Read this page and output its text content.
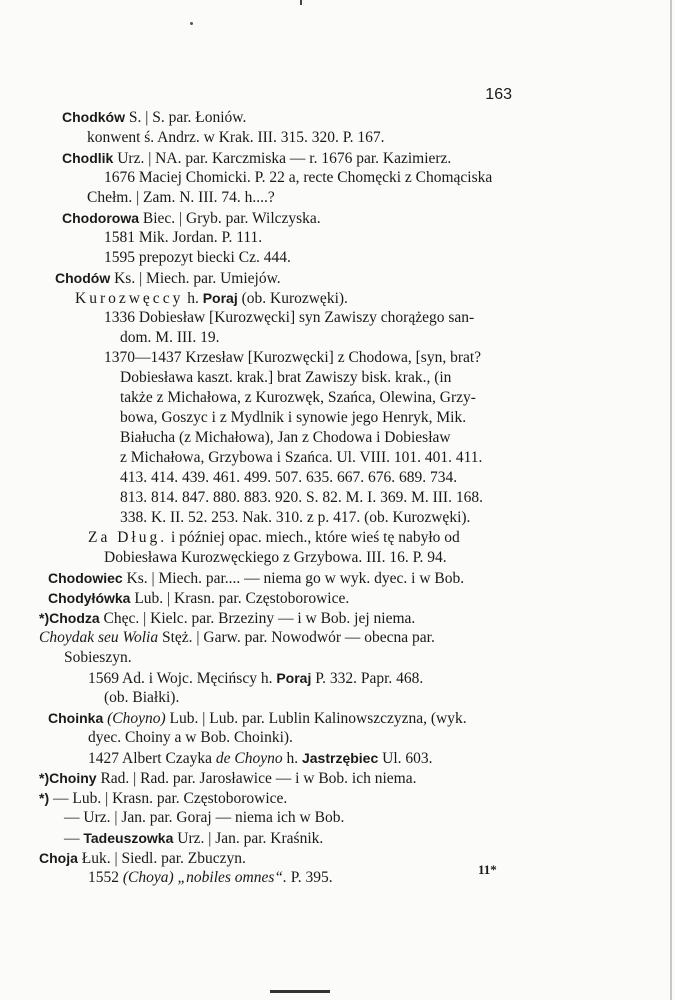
163
Chodków S. | S. par. Łoniów.
konwent ś. Andrz. w Krak. III. 315. 320. P. 167.
Chodlik Urz. | NA. par. Karczmiska — r. 1676 par. Kazimierz.
1676 Maciej Chomicki. P. 22 a, recte Chomęcki z Chomąciska
Chełm. | Zam. N. III. 74. h....?
Chodorowa Biec. | Gryb. par. Wilczyska.
1581 Mik. Jordan. P. 111.
1595 prepozyt biecki Cz. 444.
Chodów Ks. | Miech. par. Umiejów.
Kurozwęccy h. Poraj (ob. Kurozwęki).
1336 Dobiesław [Kurozwęcki] syn Zawiszy chorążego san-
dom. M. III. 19.
1370—1437 Krzesław [Kurozwęcki] z Chodowa, [syn, brat?
Dobiesława kaszt. krak.] brat Zawiszy bisk. krak., (in
także z Michałowa, z Kurozwęk, Szańca, Olewina, Grzy-
bowa, Goszyc i z Mydlnik i synowie jego Henryk, Mik.
Białucha (z Michałowa), Jan z Chodowa i Dobiesław
z Michałowa, Grzybowa i Szańca. Ul. VIII. 101. 401. 411.
413. 414. 439. 461. 499. 507. 635. 667. 676. 689. 734.
813. 814. 847. 880. 883. 920. S. 82. M. I. 369. M. III. 168.
338. K. II. 52. 253. Nak. 310. z p. 417. (ob. Kurozwęki).
Za Dług. i później opac. miech., które wieś tę nabyło od
Dobiesława Kurozwęckiego z Grzybowa. III. 16. P. 94.
Chodowiec Ks. | Miech. par.... — niema go w wyk. dyec. i w Bob.
Chodyłówka Lub. | Krasn. par. Częstoborowice.
*)Chodza Chęc. | Kielc. par. Brzeziny — i w Bob. jej niema.
Choydak seu Wolia Stęż. | Garw. par. Nowodwór — obecna par.
Sobieszyn.
1569 Ad. i Wojc. Męcińscy h. Poraj P. 332. Papr. 468.
(ob. Białki).
Choinka (Choyno) Lub. | Lub. par. Lublin Kalinowszczyzna, (wyk.
dyec. Choiny a w Bob. Choinki).
1427 Albert Czayka de Choyno h. Jastrzębiec Ul. 603.
*)Choiny Rad. | Rad. par. Jarosławice — i w Bob. ich niema.
*) — Lub. | Krasn. par. Częstoborowice.
— Urz. | Jan. par. Goraj — niema ich w Bob.
— Tadeuszowka Urz. | Jan. par. Kraśnik.
Choja Łuk. | Siedl. par. Zbuczyn.
1552 (Choya) „nobiles omnes“. P. 395.	11*
